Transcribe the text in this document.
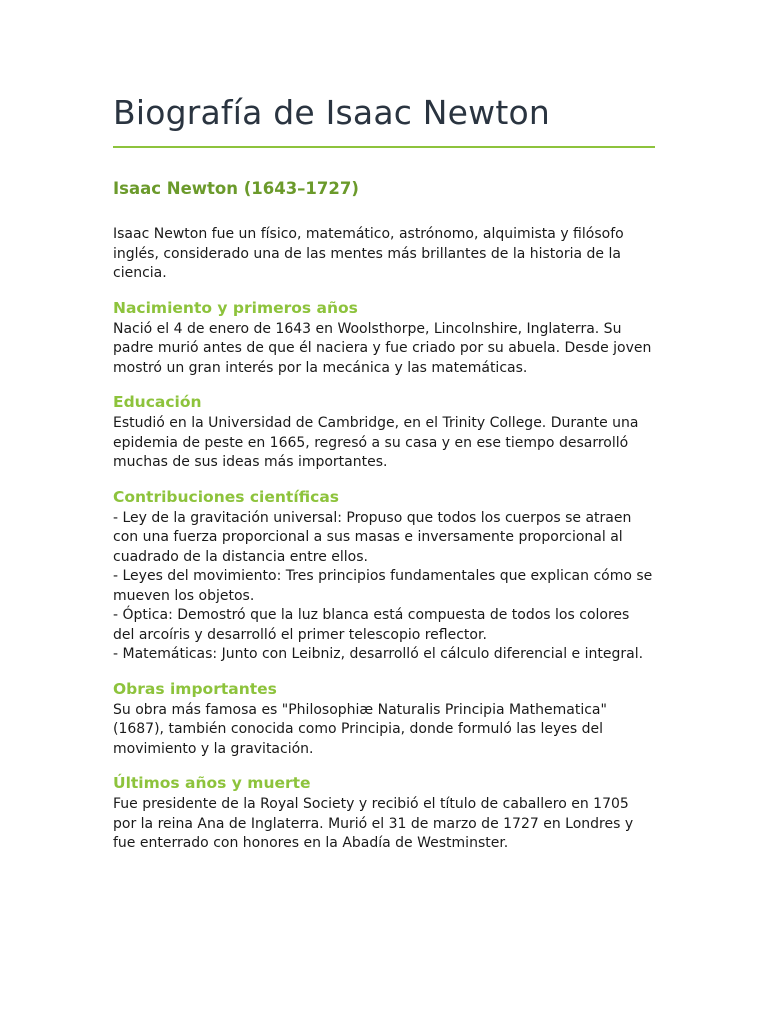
Biografía de Isaac Newton
Isaac Newton (1643–1727)

Isaac Newton fue un físico, matemático, astrónomo, alquimista y filósofo inglés, considerado una de las mentes más brillantes de la historia de la ciencia.

Nacimiento y primeros años

Nació el 4 de enero de 1643 en Woolsthorpe, Lincolnshire, Inglaterra. Su padre murió antes de que él naciera y fue criado por su abuela. Desde joven mostró un gran interés por la mecánica y las matemáticas.

Educación

Estudió en la Universidad de Cambridge, en el Trinity College. Durante una epidemia de peste en 1665, regresó a su casa y en ese tiempo desarrolló muchas de sus ideas más importantes.

Contribuciones científicas
- Ley de la gravitación universal: Propuso que todos los cuerpos se atraen con una fuerza proporcional a sus masas e inversamente proporcional al cuadrado de la distancia entre ellos.
- Leyes del movimiento: Tres principios fundamentales que explican cómo se mueven los objetos.
- Óptica: Demostró que la luz blanca está compuesta de todos los colores del arcoíris y desarrolló el primer telescopio reflector.
- Matemáticas: Junto con Leibniz, desarrolló el cálculo diferencial e integral.
Obras importantes

Su obra más famosa es "Philosophiæ Naturalis Principia Mathematica" (1687), también conocida como Principia, donde formuló las leyes del movimiento y la gravitación.

Últimos años y muerte

Fue presidente de la Royal Society y recibió el título de caballero en 1705 por la reina Ana de Inglaterra. Murió el 31 de marzo de 1727 en Londres y fue enterrado con honores en la Abadía de Westminster.
